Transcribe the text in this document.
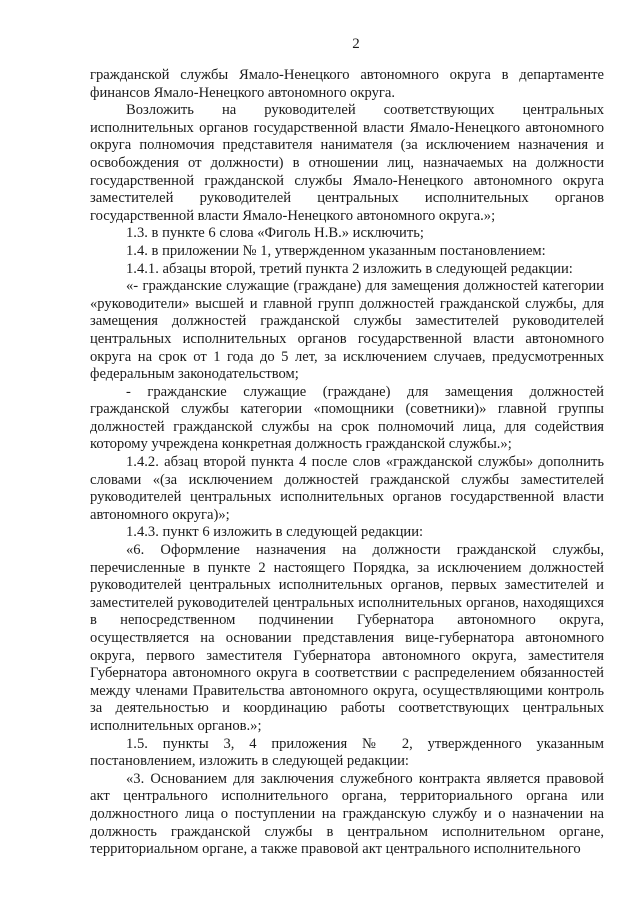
2

гражданской службы Ямало-Ненецкого автономного округа в департаменте финансов Ямало-Ненецкого автономного округа.

Возложить на руководителей соответствующих центральных исполнительных органов государственной власти Ямало-Ненецкого автономного округа полномочия представителя нанимателя (за исключением назначения и освобождения от должности) в отношении лиц, назначаемых на должности государственной гражданской службы Ямало-Ненецкого автономного округа заместителей руководителей центральных исполнительных органов государственной власти Ямало-Ненецкого автономного округа.»;

1.3. в пункте 6 слова «Фиголь Н.В.» исключить;

1.4. в приложении № 1, утвержденном указанным постановлением:

1.4.1. абзацы второй, третий пункта 2 изложить в следующей редакции:

«- гражданские служащие (граждане) для замещения должностей категории «руководители» высшей и главной групп должностей гражданской службы, для замещения должностей гражданской службы заместителей руководителей центральных исполнительных органов государственной власти автономного округа на срок от 1 года до 5 лет, за исключением случаев, предусмотренных федеральным законодательством;

- гражданские служащие (граждане) для замещения должностей гражданской службы категории «помощники (советники)» главной группы должностей гражданской службы на срок полномочий лица, для содействия которому учреждена конкретная должность гражданской службы.»;

1.4.2. абзац второй пункта 4 после слов «гражданской службы» дополнить словами «(за исключением должностей гражданской службы заместителей руководителей центральных исполнительных органов государственной власти автономного округа)»;

1.4.3. пункт 6 изложить в следующей редакции:

«6. Оформление назначения на должности гражданской службы, перечисленные в пункте 2 настоящего Порядка, за исключением должностей руководителей центральных исполнительных органов, первых заместителей и заместителей руководителей центральных исполнительных органов, находящихся в непосредственном подчинении Губернатора автономного округа, осуществляется на основании представления вице-губернатора автономного округа, первого заместителя Губернатора автономного округа, заместителя Губернатора автономного округа в соответствии с распределением обязанностей между членами Правительства автономного округа, осуществляющими контроль за деятельностью и координацию работы соответствующих центральных исполнительных органов.»;

1.5. пункты 3, 4 приложения № 2, утвержденного указанным постановлением, изложить в следующей редакции:

«3. Основанием для заключения служебного контракта является правовой акт центрального исполнительного органа, территориального органа или должностного лица о поступлении на гражданскую службу и о назначении на должность гражданской службы в центральном исполнительном органе, территориальном органе, а также правовой акт центрального исполнительного
